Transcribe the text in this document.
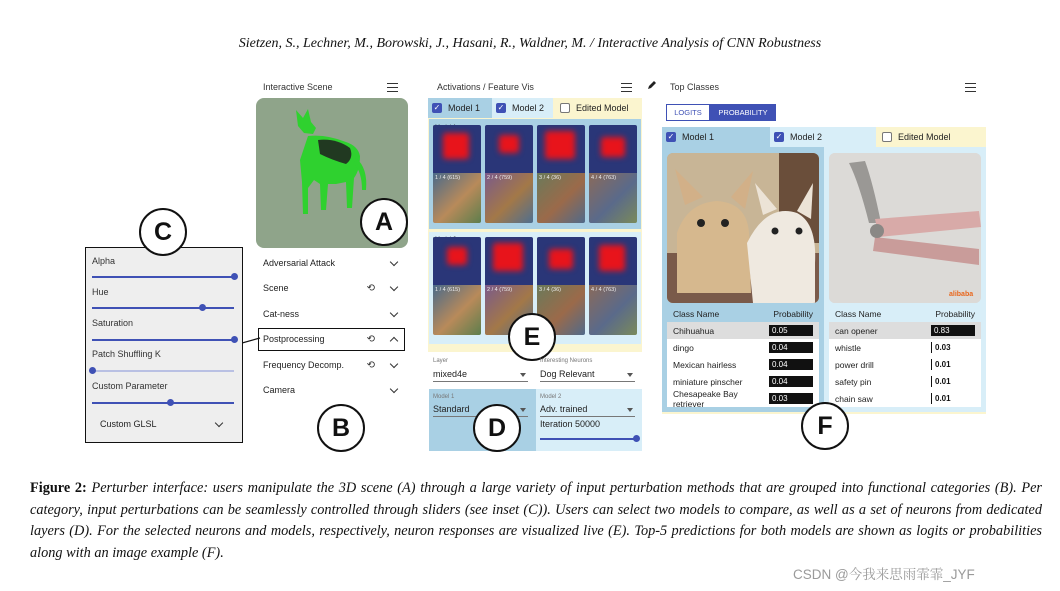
Sietzen, S., Lechner, M., Borowski, J., Hasani, R., Waldner, M. / Interactive Analysis of CNN Robustness
Interactive Scene
A
Adversarial Attack
Scene	⟲
Cat-ness
Postprocessing	⟲
Frequency Decomp.	⟲
Camera
B
C
Alpha
Hue
Saturation
Patch Shuffling K
Custom Parameter
Custom GLSL
Activations / Feature Vis
✓ Model 1 ✓ Model 2	Edited Model
1 / 4 (615)	2 / 4 (759)	3 / 4 (36)	4 / 4 (763)
1 / 4 (615)	2 / 4 (759)	3 / 4 (36)	4 / 4 (763)
E
Layer
mixed4e
Interesting Neurons
Dog Relevant
Model 1
Standard
Model 2
Adv. trained
Iteration 50000
D
Top Classes
LOGITS	PROBABILITY
✓ Model 1	✓ Model 2	Edited Model
alibaba
Class Name	Probability
Chihuahua	0.05
dingo	0.04
Mexican hairless	0.04
miniature pinscher	0.04
Chesapeake Bay retriever	0.03
Class Name	Probability
can opener	0.83
whistle	0.03
power drill	0.01
safety pin	0.01
chain saw	0.01
F
Figure 2: Perturber interface: users manipulate the 3D scene (A) through a large variety of input perturbation methods that are grouped into functional categories (B). Per category, input perturbations can be seamlessly controlled through sliders (see inset (C)). Users can select two models to compare, as well as a set of neurons from dedicated layers (D). For the selected neurons and models, respectively, neuron responses are visualized live (E). Top-5 predictions for both models are shown as logits or probabilities along with an image example (F).
CSDN @今我来思雨霏霏_JYF
